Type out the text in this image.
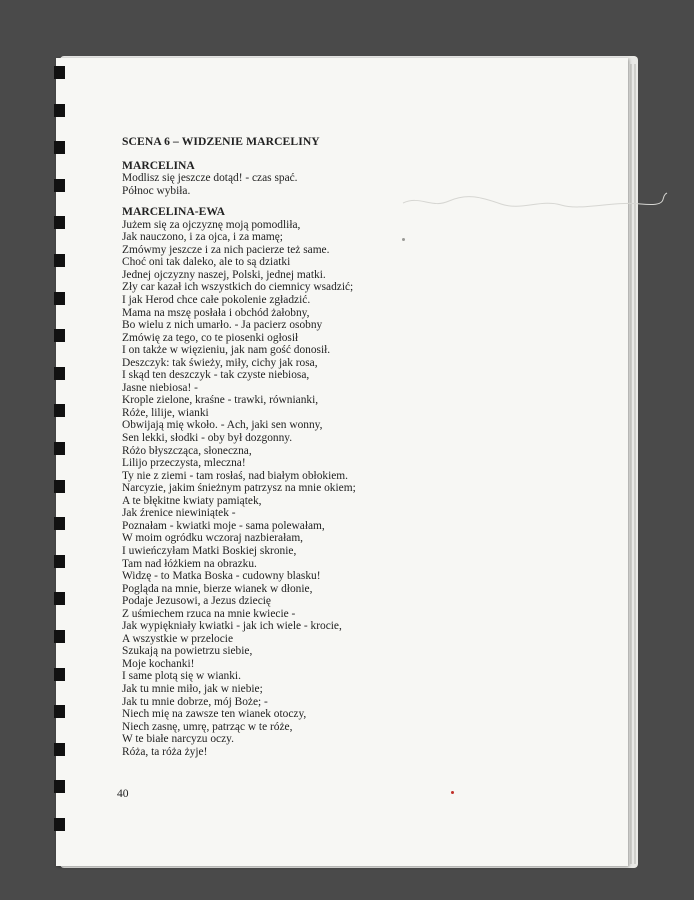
SCENA 6 – WIDZENIE MARCELINY

MARCELINA

Modlisz się jeszcze dotąd! - czas spać.

Północ wybiła.

MARCELINA-EWA

Jużem się za ojczyznę moją pomodliła,

Jak nauczono, i za ojca, i za mamę;

Zmówmy jeszcze i za nich pacierze też same.

Choć oni tak daleko, ale to są dziatki

Jednej ojczyzny naszej, Polski, jednej matki.

Zły car kazał ich wszystkich do ciemnicy wsadzić;

I jak Herod chce całe pokolenie zgładzić.

Mama na mszę posłała i obchód żałobny,

Bo wielu z nich umarło. - Ja pacierz osobny

Zmówię za tego, co te piosenki ogłosił

I on także w więzieniu, jak nam gość donosił.

Deszczyk: tak świeży, miły, cichy jak rosa,

I skąd ten deszczyk - tak czyste niebiosa,

Jasne niebiosa! -

Krople zielone, kraśne - trawki, równianki,

Róże, lilije, wianki

Obwijają mię wkoło. - Ach, jaki sen wonny,

Sen lekki, słodki - oby był dozgonny.

Różo błyszcząca, słoneczna,

Lilijo przeczysta, mleczna!

Ty nie z ziemi - tam rosłaś, nad białym obłokiem.

Narcyzie, jakim śnieżnym patrzysz na mnie okiem;

A te błękitne kwiaty pamiątek,

Jak źrenice niewiniątek -

Poznałam - kwiatki moje - sama polewałam,

W moim ogródku wczoraj nazbierałam,

I uwieńczyłam Matki Boskiej skronie,

Tam nad łóżkiem na obrazku.

Widzę - to Matka Boska - cudowny blasku!

Pogląda na mnie, bierze wianek w dłonie,

Podaje Jezusowi, a Jezus dziecię

Z uśmiechem rzuca na mnie kwiecie -

Jak wypiękniały kwiatki - jak ich wiele - krocie,

A wszystkie w przelocie

Szukają na powietrzu siebie,

Moje kochanki!

I same plotą się w wianki.

Jak tu mnie miło, jak w niebie;

Jak tu mnie dobrze, mój Boże; -

Niech mię na zawsze ten wianek otoczy,

Niech zasnę, umrę, patrząc w te róże,

W te białe narcyzu oczy.

Róża, ta róża żyje!

40
